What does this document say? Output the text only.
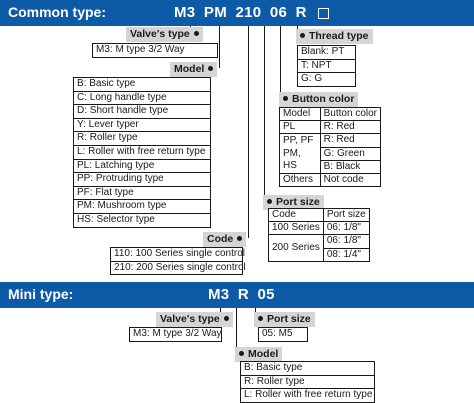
Common type:	M3 PM 210 06 R
Valve's type
M3: M type 3/2 Way
Model
B: Basic type
C: Long handle type
D: Short handle type
Y: Lever typer
R: Roller type
L: Roller with free return type
PL: Latching type
PP: Protruding type
PF: Flat type
PM: Mushroom type
HS: Selector type
Code
110: 100 Series single control
210: 200 Series single control
Thread type
Blank: PT
T: NPT
G: G
Button color
Model	Button color
PL	R: Red
PP, PF PM, HS	R: Red
	G: Green
	B: Black
Others	Not code
Port size
Code	Port size
100 Series	06: 1/8"
200 Series	06: 1/8"
	08: 1/4"
Mini type:	M3 R 05
Valve's type
M3: M type 3/2 Way
Port size
05: M5
Model
B: Basic type
R: Roller type
L: Roller with free return type
